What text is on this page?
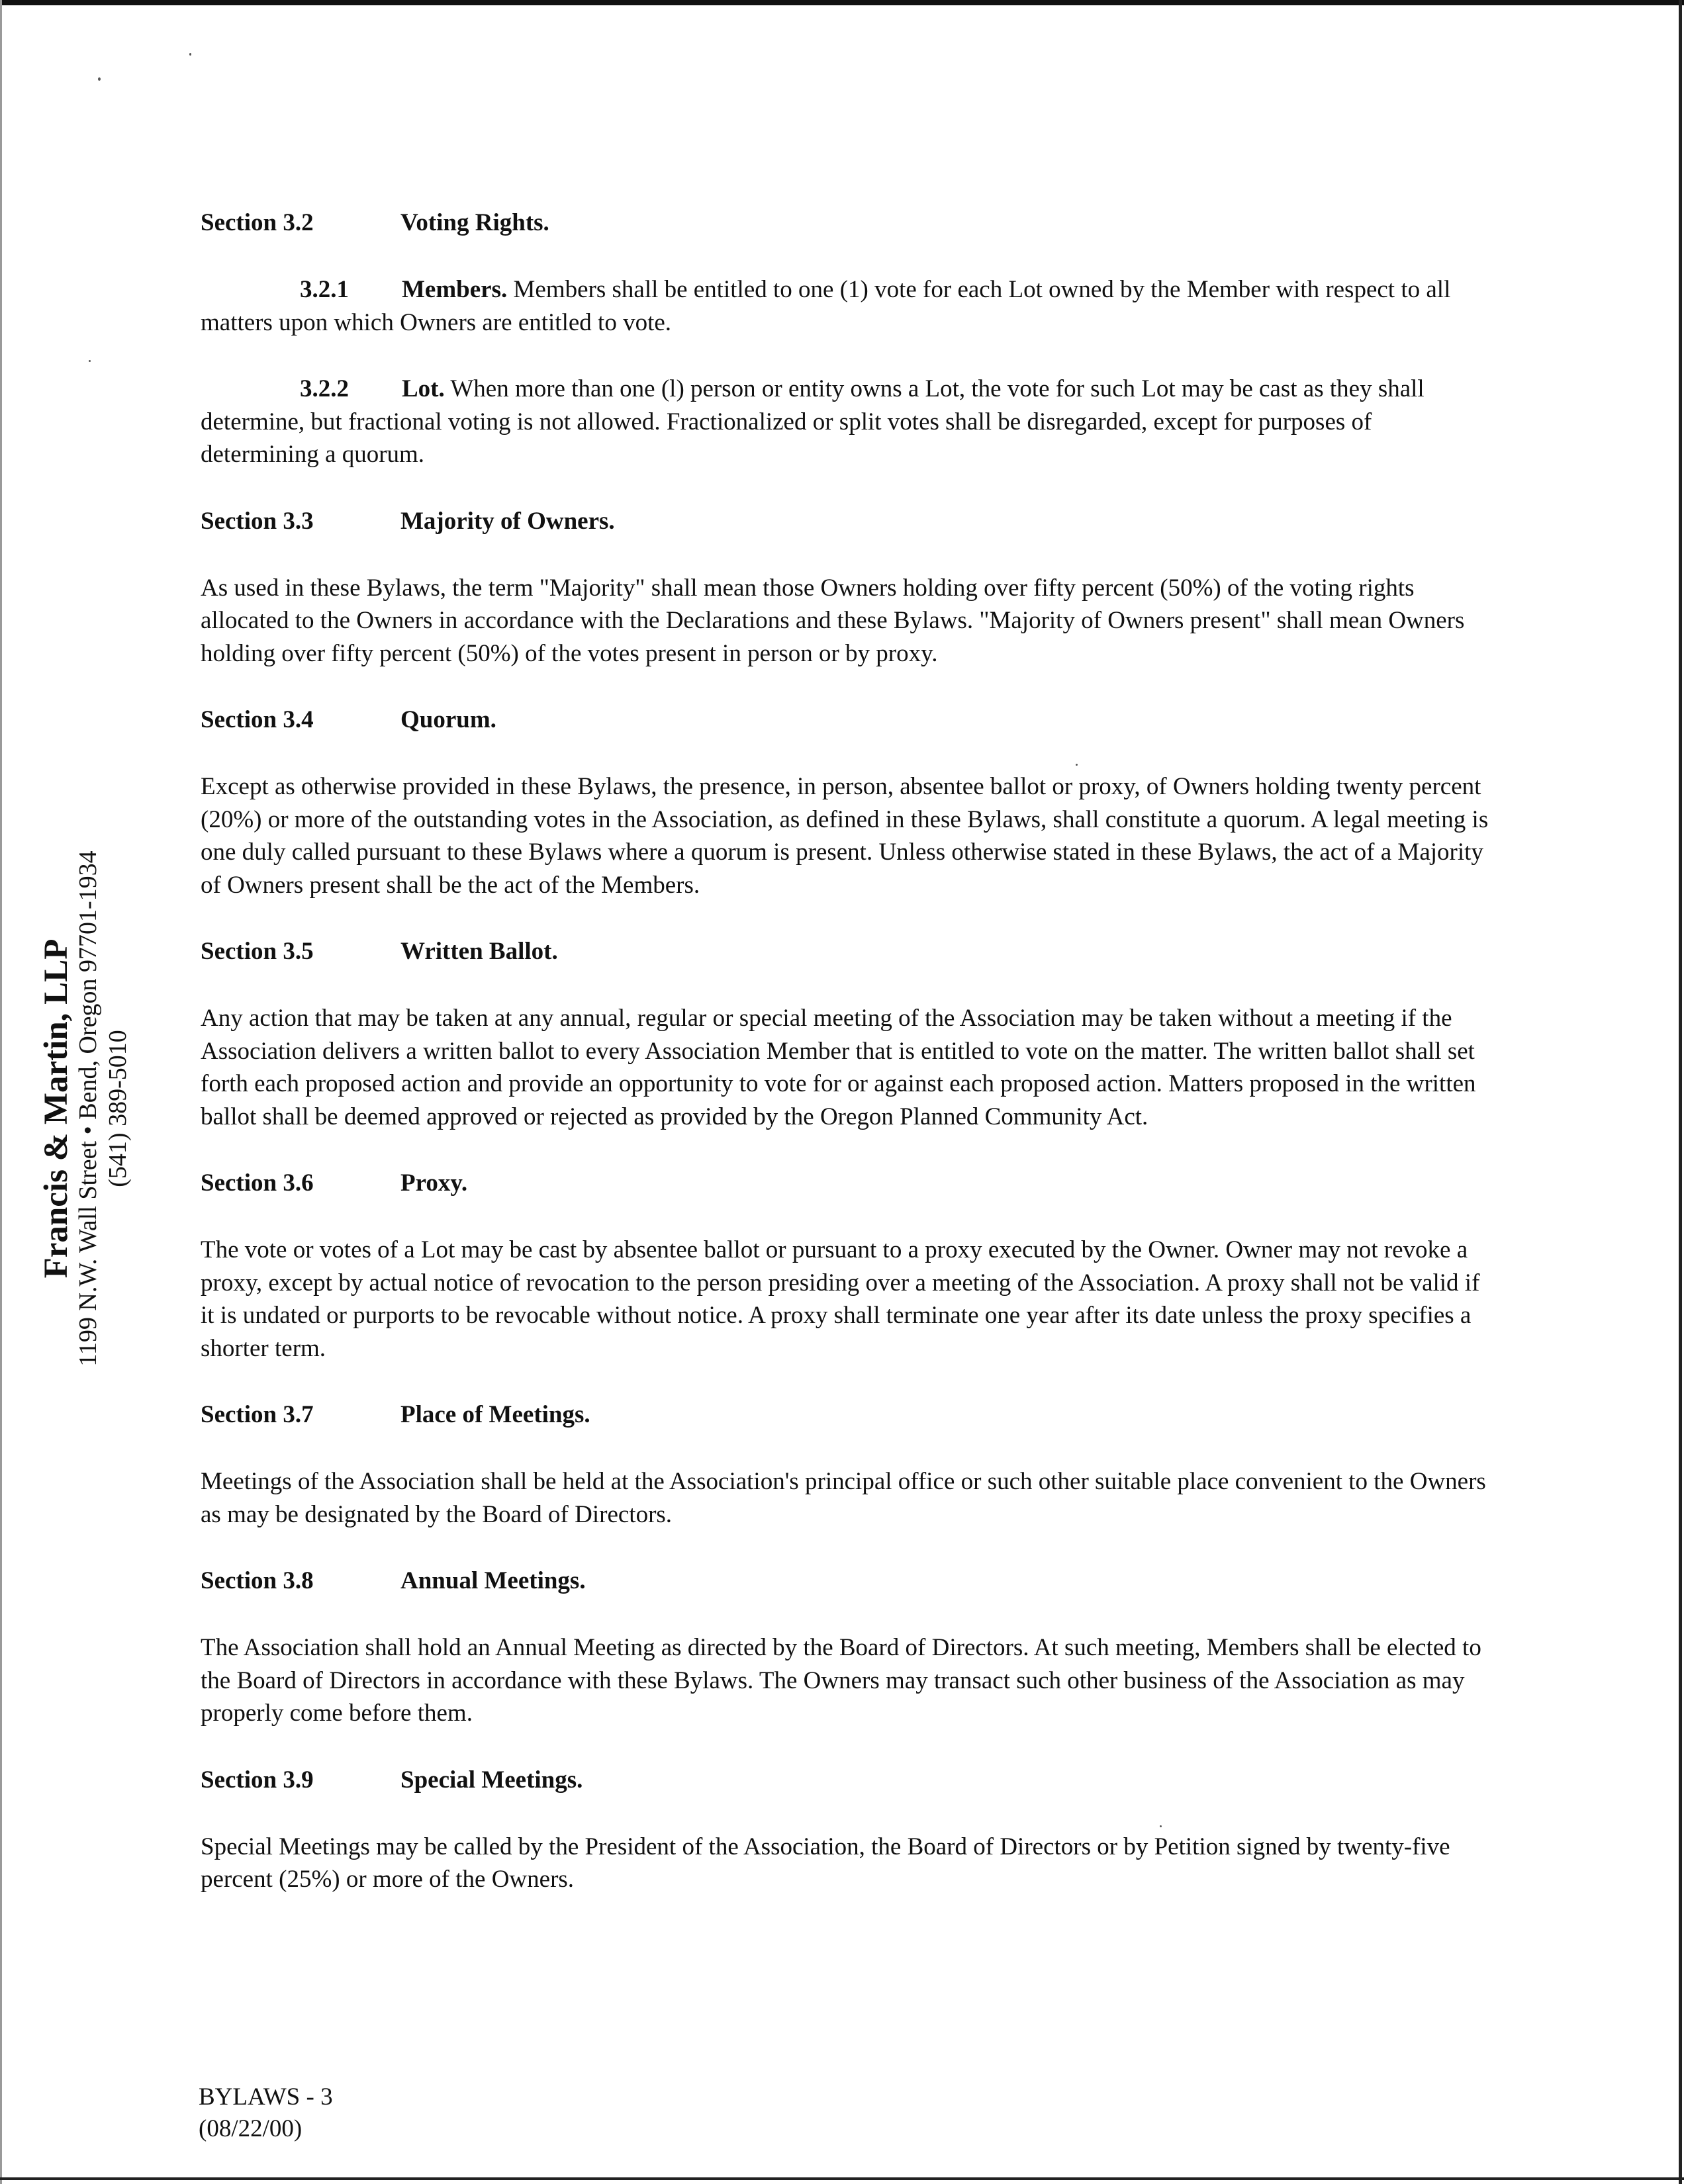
Francis & Martin, LLP 1199 N.W. Wall Street • Bend, Oregon 97701-1934 (541) 389-5010
Section 3.2	Voting Rights.

3.2.1 Members. Members shall be entitled to one (1) vote for each Lot owned by the Member with respect to all matters upon which Owners are entitled to vote.

3.2.2 Lot. When more than one (l) person or entity owns a Lot, the vote for such Lot may be cast as they shall determine, but fractional voting is not allowed. Fractionalized or split votes shall be disregarded, except for purposes of determining a quorum.

Section 3.3	Majority of Owners.

As used in these Bylaws, the term "Majority" shall mean those Owners holding over fifty percent (50%) of the voting rights allocated to the Owners in accordance with the Declarations and these Bylaws. "Majority of Owners present" shall mean Owners holding over fifty percent (50%) of the votes present in person or by proxy.

Section 3.4	Quorum.

Except as otherwise provided in these Bylaws, the presence, in person, absentee ballot or proxy, of Owners holding twenty percent (20%) or more of the outstanding votes in the Association, as defined in these Bylaws, shall constitute a quorum. A legal meeting is one duly called pursuant to these Bylaws where a quorum is present. Unless otherwise stated in these Bylaws, the act of a Majority of Owners present shall be the act of the Members.

Section 3.5	Written Ballot.

Any action that may be taken at any annual, regular or special meeting of the Association may be taken without a meeting if the Association delivers a written ballot to every Association Member that is entitled to vote on the matter. The written ballot shall set forth each proposed action and provide an opportunity to vote for or against each proposed action. Matters proposed in the written ballot shall be deemed approved or rejected as provided by the Oregon Planned Community Act.

Section 3.6	Proxy.

The vote or votes of a Lot may be cast by absentee ballot or pursuant to a proxy executed by the Owner. Owner may not revoke a proxy, except by actual notice of revocation to the person presiding over a meeting of the Association. A proxy shall not be valid if it is undated or purports to be revocable without notice. A proxy shall terminate one year after its date unless the proxy specifies a shorter term.

Section 3.7	Place of Meetings.

Meetings of the Association shall be held at the Association's principal office or such other suitable place convenient to the Owners as may be designated by the Board of Directors.

Section 3.8	Annual Meetings.

The Association shall hold an Annual Meeting as directed by the Board of Directors. At such meeting, Members shall be elected to the Board of Directors in accordance with these Bylaws. The Owners may transact such other business of the Association as may properly come before them.

Section 3.9	Special Meetings.

Special Meetings may be called by the President of the Association, the Board of Directors or by Petition signed by twenty-five percent (25%) or more of the Owners.

BYLAWS - 3
(08/22/00)
